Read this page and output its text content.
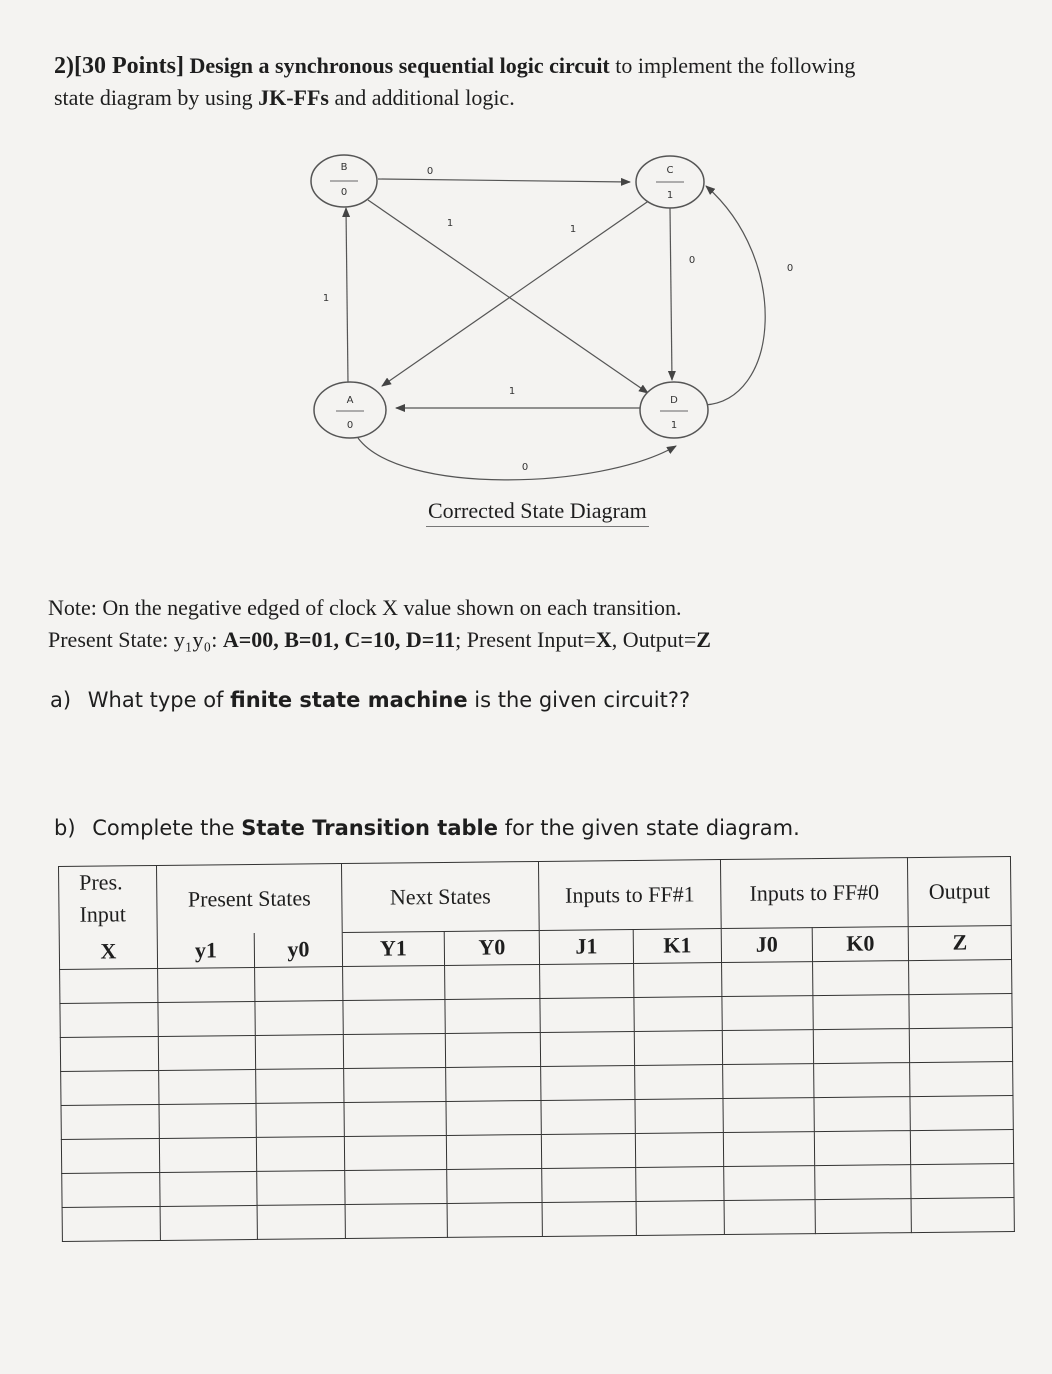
2)[30 Points] Design a synchronous sequential logic circuit to implement the following
state diagram by using JK-FFs and additional logic.
B
0
C
1
A
0
D
1
0
1
1
1
0
0
1
0
Corrected State Diagram
Note: On the negative edged of clock X value shown on each transition.
Present State: y₁y₀: A=00, B=01, C=10, D=11; Present Input=X, Output=Z
a) What type of finite state machine is the given circuit??
b) Complete the State Transition table for the given state diagram.
Pres.
Input	Present States		Next States		Inputs to FF#1		Inputs to FF#0		Output
X	y1	y0	Y1	Y0	J1	K1	J0	K0	Z
